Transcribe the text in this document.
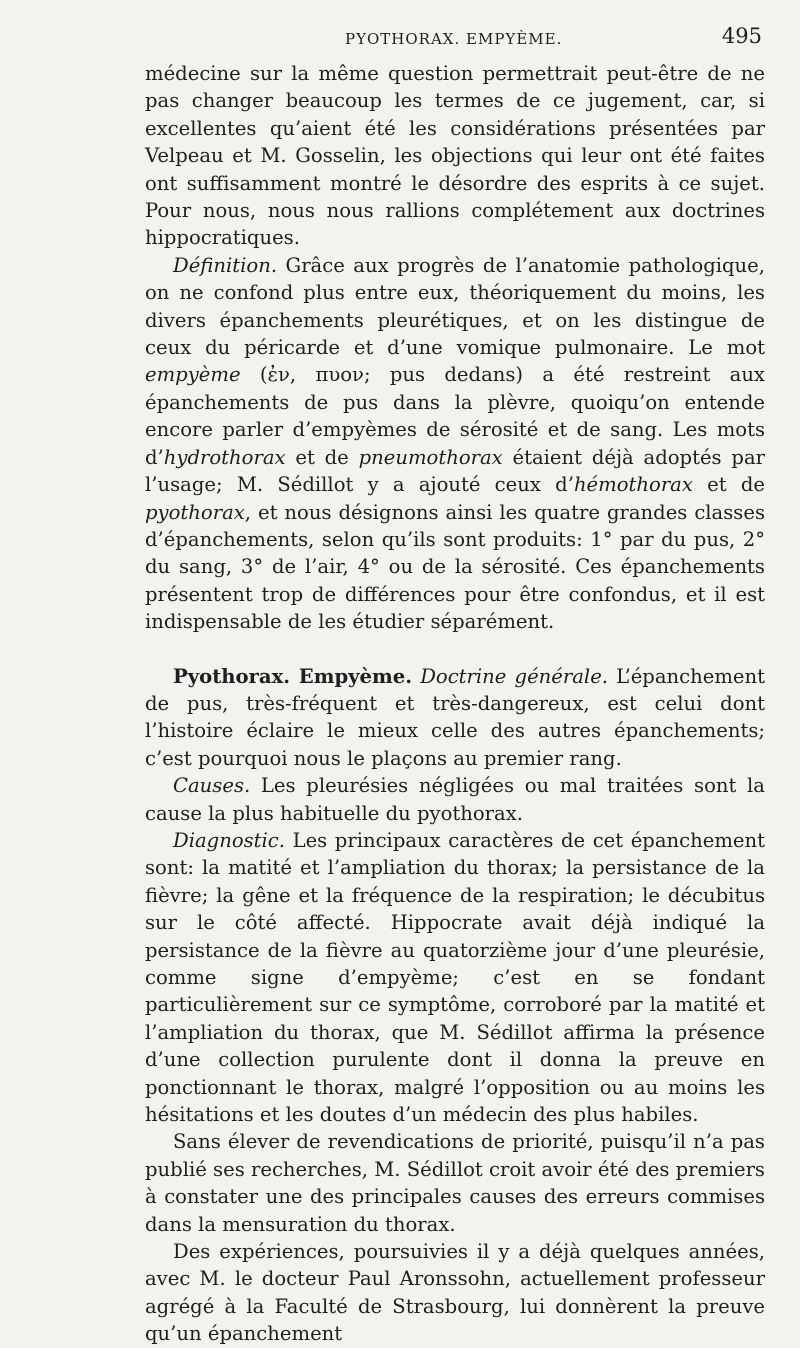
PYOTHORAX. EMPYÈME.	495

médecine sur la même question permettrait peut-être de ne pas changer beaucoup les termes de ce jugement, car, si excellentes qu’aient été les considérations présentées par Velpeau et M. Gosselin, les objections qui leur ont été faites ont suffisamment montré le désordre des esprits à ce sujet. Pour nous, nous nous rallions complétement aux doctrines hippocratiques.

Définition. Grâce aux progrès de l’anatomie pathologique, on ne confond plus entre eux, théoriquement du moins, les divers épanchements pleurétiques, et on les distingue de ceux du péricarde et d’une vomique pulmonaire. Le mot empyème (ἐν, πυον; pus dedans) a été restreint aux épanchements de pus dans la plèvre, quoiqu’on entende encore parler d’empyèmes de sérosité et de sang. Les mots d’hydrothorax et de pneumothorax étaient déjà adoptés par l’usage; M. Sédillot y a ajouté ceux d’hémothorax et de pyothorax, et nous désignons ainsi les quatre grandes classes d’épanchements, selon qu’ils sont produits: 1° par du pus, 2° du sang, 3° de l’air, 4° ou de la sérosité. Ces épanchements présentent trop de différences pour être confondus, et il est indispensable de les étudier séparément.

Pyothorax. Empyème. Doctrine générale. L’épanchement de pus, très-fréquent et très-dangereux, est celui dont l’histoire éclaire le mieux celle des autres épanchements; c’est pourquoi nous le plaçons au premier rang.

Causes. Les pleurésies négligées ou mal traitées sont la cause la plus habituelle du pyothorax.

Diagnostic. Les principaux caractères de cet épanchement sont: la matité et l’ampliation du thorax; la persistance de la fièvre; la gêne et la fréquence de la respiration; le décubitus sur le côté affecté. Hippocrate avait déjà indiqué la persistance de la fièvre au quatorzième jour d’une pleurésie, comme signe d’empyème; c’est en se fondant particulièrement sur ce symptôme, corroboré par la matité et l’ampliation du thorax, que M. Sédillot affirma la présence d’une collection purulente dont il donna la preuve en ponctionnant le thorax, malgré l’opposition ou au moins les hésitations et les doutes d’un médecin des plus habiles.

Sans élever de revendications de priorité, puisqu’il n’a pas publié ses recherches, M. Sédillot croit avoir été des premiers à constater une des principales causes des erreurs commises dans la mensuration du thorax.

Des expériences, poursuivies il y a déjà quelques années, avec M. le docteur Paul Aronssohn, actuellement professeur agrégé à la Faculté de Strasbourg, lui donnèrent la preuve qu’un épanchement
